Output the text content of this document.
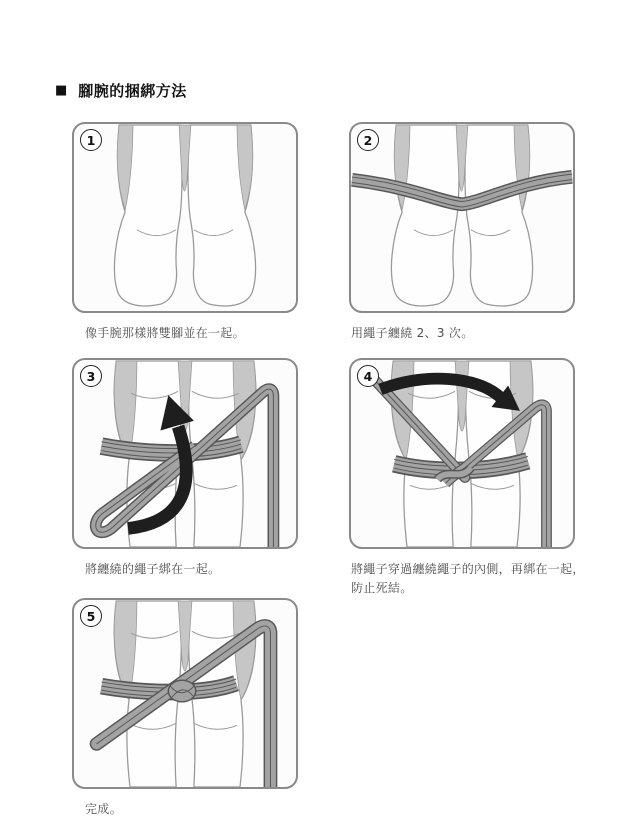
■ 腳腕的捆綁方法
1
像手腕那樣將雙腳並在一起。
2
用繩子纏繞 2、3 次。
3
將纏繞的繩子綁在一起。
4
將繩子穿過纏繞繩子的內側，再綁在一起，防止死結。
5
完成。
